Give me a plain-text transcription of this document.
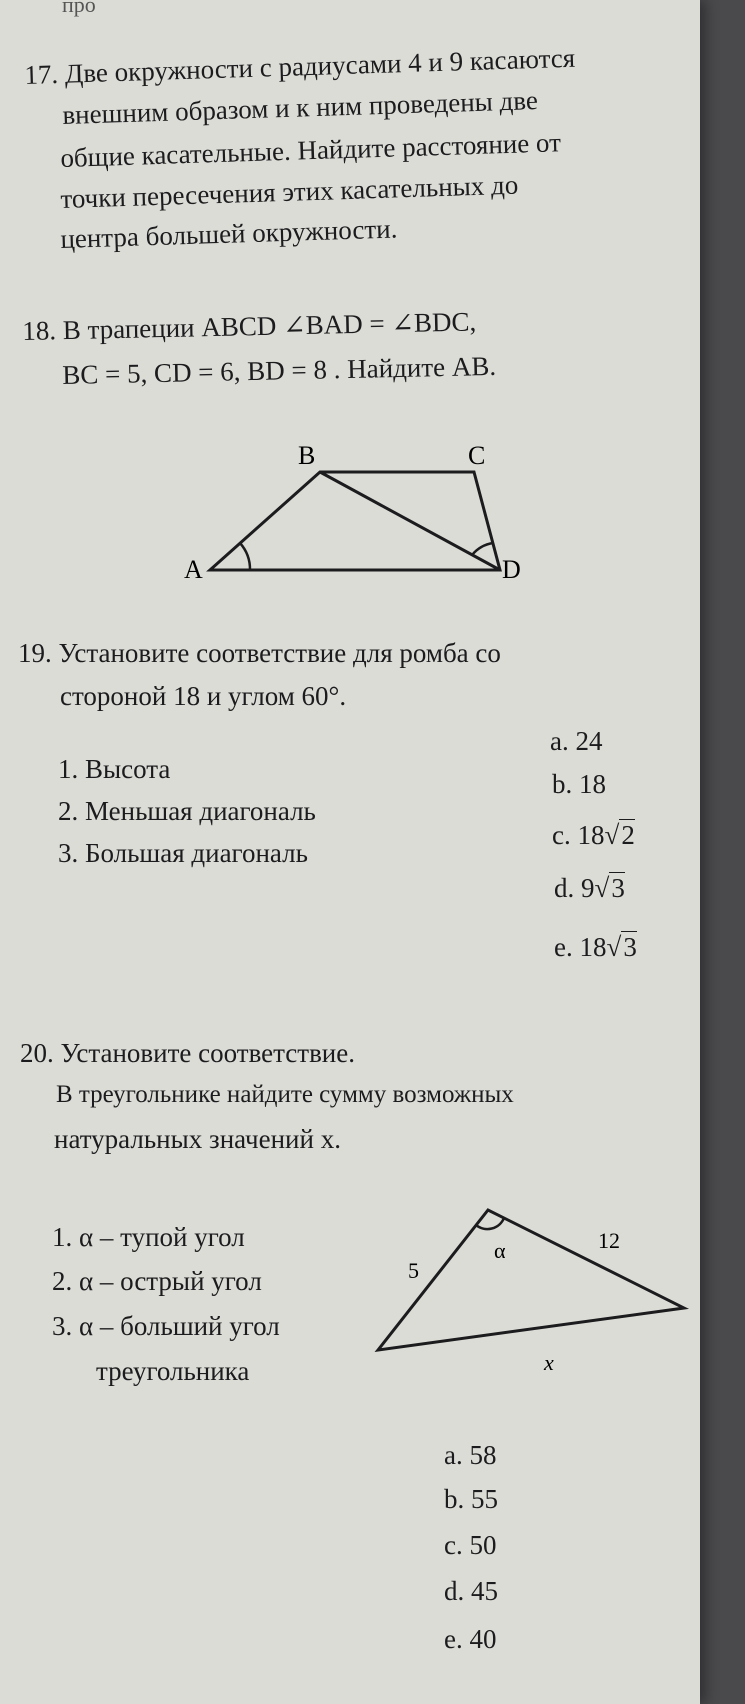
про
17. Две окружности с радиусами 4 и 9 касаются
внешним образом и к ним проведены две
общие касательные. Найдите расстояние от
точки пересечения этих касательных до
центра большей окружности.
18. В трапеции ABCD ∠BAD = ∠BDC,
BC = 5, CD = 6, BD = 8 . Найдите AB.
A
B	C
D
19. Установите соответствие для ромба со
стороной 18 и углом 60°.
1. Высота
2. Меньшая диагональ
3. Большая диагональ
a. 24
b. 18
c. 18√2
d. 9√3
e. 18√3
20. Установите соответствие.
В треугольнике найдите сумму возможных
натуральных значений x.
1. α – тупой угол
2. α – острый угол
3. α – больший угол
треугольника
α
5
12
x
a. 58
b. 55
c. 50
d. 45
e. 40
